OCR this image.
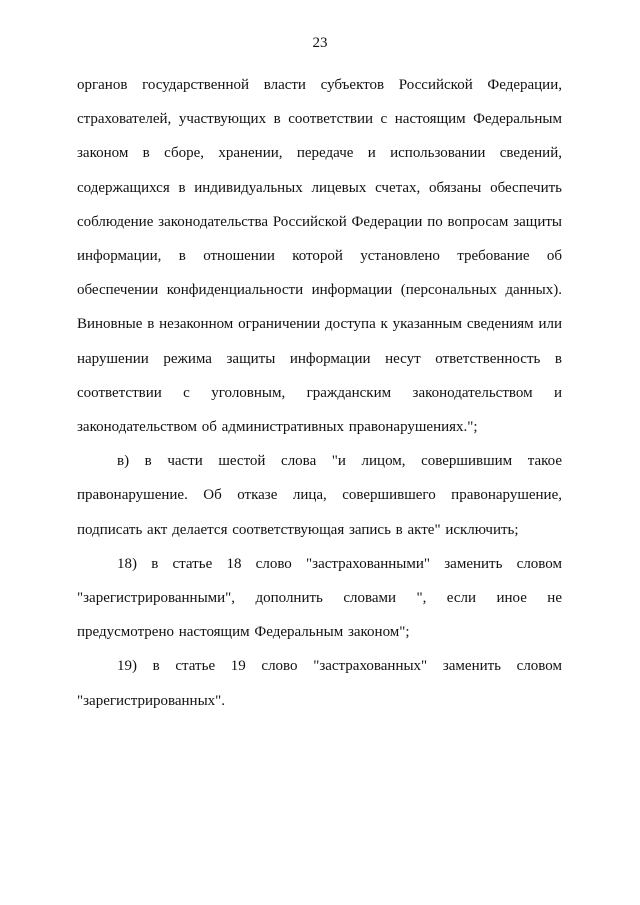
23

органов государственной власти субъектов Российской Федерации, страхователей, участвующих в соответствии с настоящим Федеральным законом в сборе, хранении, передаче и использовании сведений, содержащихся в индивидуальных лицевых счетах, обязаны обеспечить соблюдение законодательства Российской Федерации по вопросам защиты информации, в отношении которой установлено требование об обеспечении конфиденциальности информации (персональных данных). Виновные в незаконном ограничении доступа к указанным сведениям или нарушении режима защиты информации несут ответственность в соответствии с уголовным, гражданским законодательством и законодательством об административных правонарушениях.";

в) в части шестой слова "и лицом, совершившим такое правонарушение. Об отказе лица, совершившего правонарушение, подписать акт делается соответствующая запись в акте" исключить;

18) в статье 18 слово "застрахованными" заменить словом "зарегистрированными", дополнить словами ", если иное не предусмотрено настоящим Федеральным законом";

19) в статье 19 слово "застрахованных" заменить словом "зарегистрированных".
